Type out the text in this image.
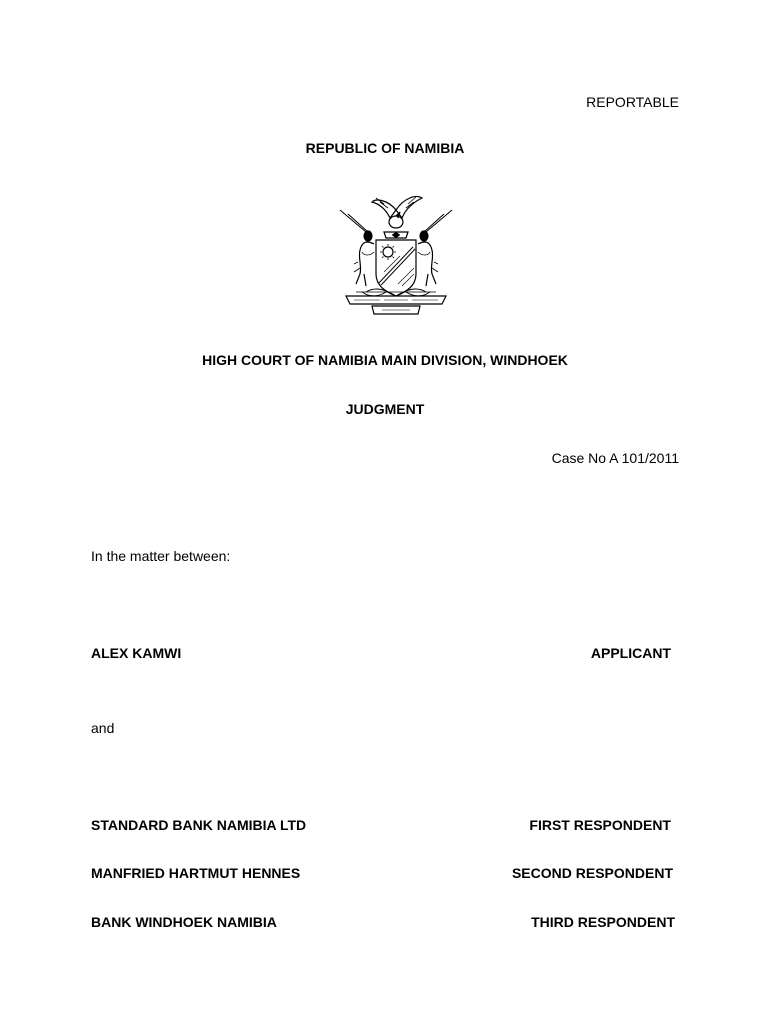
REPORTABLE
REPUBLIC OF NAMIBIA
HIGH COURT OF NAMIBIA MAIN DIVISION, WINDHOEK
JUDGMENT
Case No A 101/2011
In the matter between:
ALEX KAMWI	APPLICANT
and
STANDARD BANK NAMIBIA LTD	FIRST RESPONDENT
MANFRIED HARTMUT HENNES	SECOND RESPONDENT
BANK WINDHOEK NAMIBIA	THIRD RESPONDENT
